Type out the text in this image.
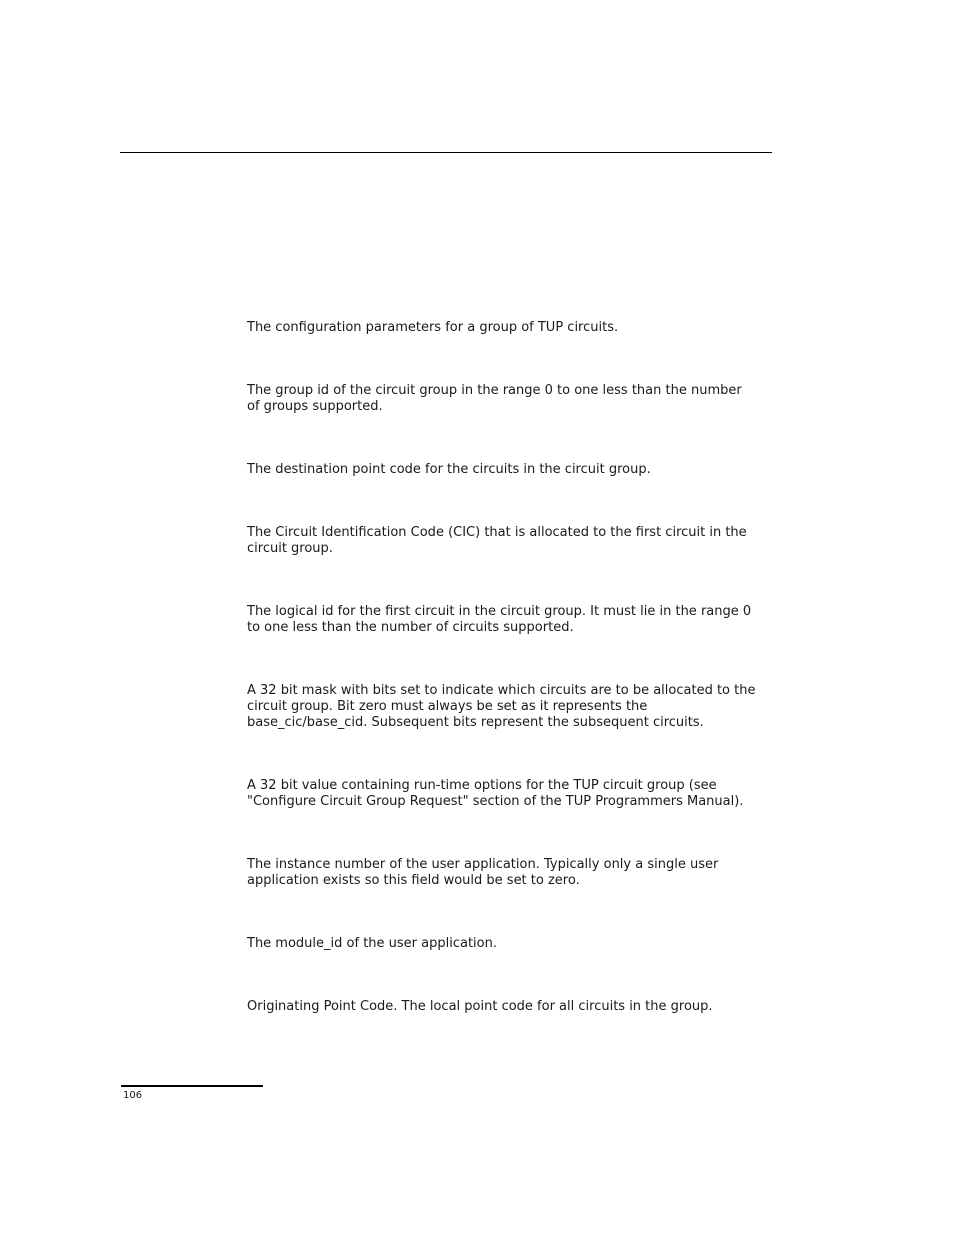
The configuration parameters for a group of TUP circuits.

The group id of the circuit group in the range 0 to one less than the number
of groups supported.

The destination point code for the circuits in the circuit group.

The Circuit Identification Code (CIC) that is allocated to the first circuit in the
circuit group.

The logical id for the first circuit in the circuit group. It must lie in the range 0
to one less than the number of circuits supported.

A 32 bit mask with bits set to indicate which circuits are to be allocated to the
circuit group. Bit zero must always be set as it represents the
base_cic/base_cid. Subsequent bits represent the subsequent circuits.

A 32 bit value containing run-time options for the TUP circuit group (see
"Configure Circuit Group Request" section of the TUP Programmers Manual).

The instance number of the user application. Typically only a single user
application exists so this field would be set to zero.

The module_id of the user application.

Originating Point Code. The local point code for all circuits in the group.

106
